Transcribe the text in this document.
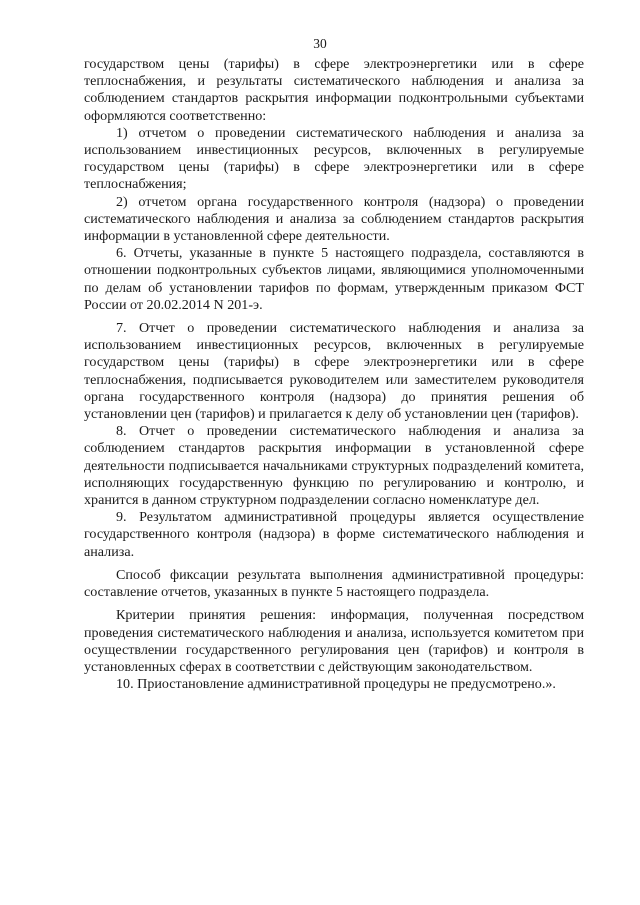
30

государством цены (тарифы) в сфере электроэнергетики или в сфере теплоснабжения, и результаты систематического наблюдения и анализа за соблюдением стандартов раскрытия информации подконтрольными субъектами оформляются соответственно:

1) отчетом о проведении систематического наблюдения и анализа за использованием инвестиционных ресурсов, включенных в регулируемые государством цены (тарифы) в сфере электроэнергетики или в сфере теплоснабжения;

2) отчетом органа государственного контроля (надзора) о проведении систематического наблюдения и анализа за соблюдением стандартов раскрытия информации в установленной сфере деятельности.

6. Отчеты, указанные в пункте 5 настоящего подраздела, составляются в отношении подконтрольных субъектов лицами, являющимися уполномоченными по делам об установлении тарифов по формам, утвержденным приказом ФСТ России от 20.02.2014 N 201-э.

7. Отчет о проведении систематического наблюдения и анализа за использованием инвестиционных ресурсов, включенных в регулируемые государством цены (тарифы) в сфере электроэнергетики или в сфере теплоснабжения, подписывается руководителем или заместителем руководителя органа государственного контроля (надзора) до принятия решения об установлении цен (тарифов) и прилагается к делу об установлении цен (тарифов).

8. Отчет о проведении систематического наблюдения и анализа за соблюдением стандартов раскрытия информации в установленной сфере деятельности подписывается начальниками структурных подразделений комитета, исполняющих государственную функцию по регулированию и контролю, и хранится в данном структурном подразделении согласно номенклатуре дел.

9. Результатом административной процедуры является осуществление государственного контроля (надзора) в форме систематического наблюдения и анализа.

Способ фиксации результата выполнения административной процедуры: составление отчетов, указанных в пункте 5 настоящего подраздела.

Критерии принятия решения: информация, полученная посредством проведения систематического наблюдения и анализа, используется комитетом при осуществлении государственного регулирования цен (тарифов) и контроля в установленных сферах в соответствии с действующим законодательством.

10. Приостановление административной процедуры не предусмотрено.».
